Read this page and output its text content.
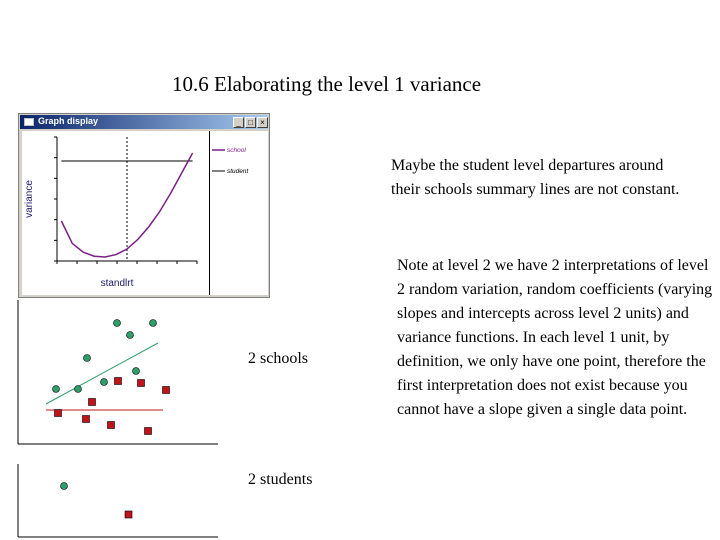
10.6 Elaborating the level 1 variance
Graph display	_ □ ×
school
student
variance
standlrt
2 schools
2 students
Maybe the student level departures around their schools summary lines are not constant.
Note at level 2 we have 2 interpretations of level 2 random variation, random coefficients (varying slopes and intercepts across level 2 units) and variance functions. In each level 1 unit, by definition, we only have one point, therefore the first interpretation does not exist because you cannot have a slope given a single data point.
